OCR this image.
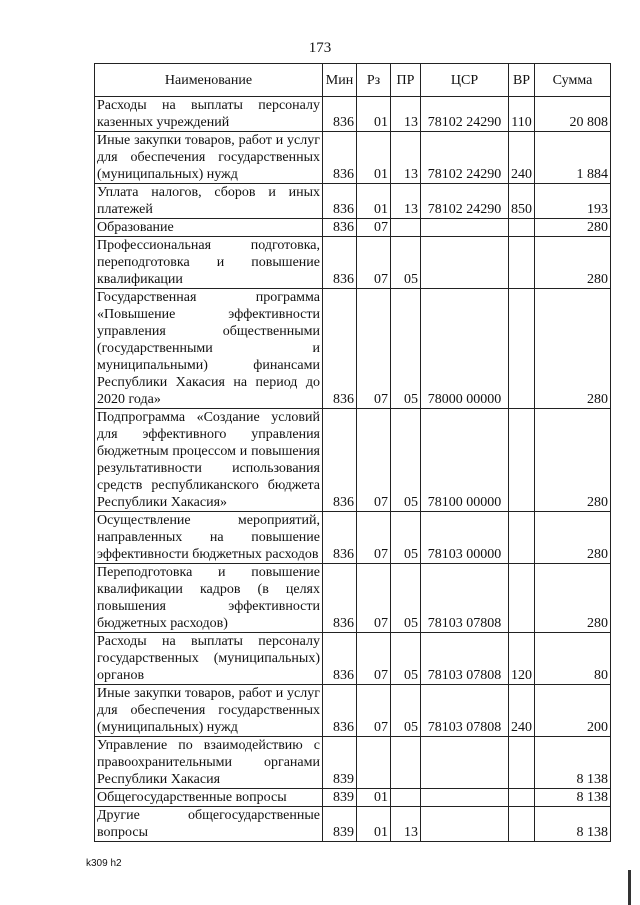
173
Наименование	Мин	Рз	ПР	ЦСР	ВР	Сумма
Расходы на выплаты персоналу казенных учреждений	836	01	13	78102 24290	110	20 808
Иные закупки товаров, работ и услуг для обеспечения государственных (муниципальных) нужд	836	01	13	78102 24290	240	1 884
Уплата налогов, сборов и иных платежей	836	01	13	78102 24290	850	193
Образование	836	07				280
Профессиональная подготовка, переподготовка и повышение квалификации	836	07	05			280
Государственная программа «Повышение эффективности управления общественными (государственными и муниципальными) финансами Республики Хакасия на период до 2020 года»	836	07	05	78000 00000		280
Подпрограмма «Создание условий для эффективного управления бюджетным процессом и повышения результативности использования средств республиканского бюджета Республики Хакасия»	836	07	05	78100 00000		280
Осуществление мероприятий, направленных на повышение эффективности бюджетных расходов	836	07	05	78103 00000		280
Переподготовка и повышение квалификации кадров (в целях повышения эффективности бюджетных расходов)	836	07	05	78103 07808		280
Расходы на выплаты персоналу государственных (муниципальных) органов	836	07	05	78103 07808	120	80
Иные закупки товаров, работ и услуг для обеспечения государственных (муниципальных) нужд	836	07	05	78103 07808	240	200
Управление по взаимодействию с правоохранительными органами Республики Хакасия	839					8 138
Общегосударственные вопросы	839	01				8 138
Другие общегосударственные вопросы	839	01	13			8 138
k309 h2
